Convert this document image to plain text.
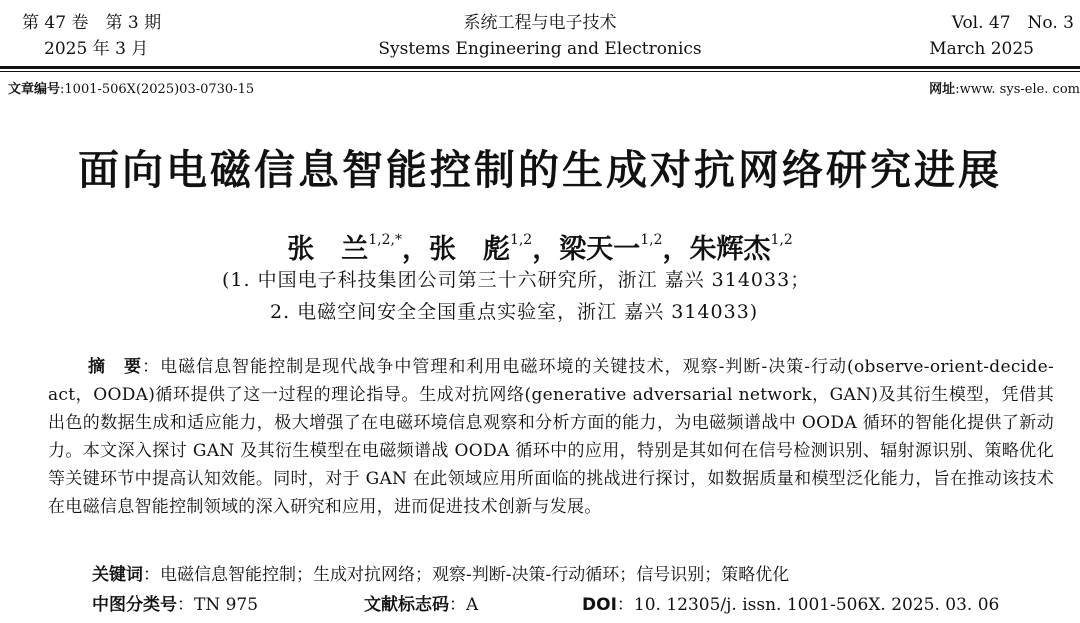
第 47 卷　第 3 期
2025 年 3 月
系统工程与电子技术
Systems Engineering and Electronics
Vol. 47　No. 3
March 2025
文章编号:1001-506X(2025)03-0730-15	网址:www. sys-ele. com
面向电磁信息智能控制的生成对抗网络研究进展
张　兰$^{1,2,*}$，张　彪$^{1,2}$，梁天一$^{1,2}$，朱辉杰$^{1,2}$
(1. 中国电子科技集团公司第三十六研究所，浙江 嘉兴 314033；
2. 电磁空间安全全国重点实验室，浙江 嘉兴 314033)
摘　要：电磁信息智能控制是现代战争中管理和利用电磁环境的关键技术，观察-判断-决策-行动(observe-orient-decide-act，OODA)循环提供了这一过程的理论指导。生成对抗网络(generative adversarial network，GAN)及其衍生模型，凭借其出色的数据生成和适应能力，极大增强了在电磁环境信息观察和分析方面的能力，为电磁频谱战中 OODA 循环的智能化提供了新动力。本文深入探讨 GAN 及其衍生模型在电磁频谱战 OODA 循环中的应用，特别是其如何在信号检测识别、辐射源识别、策略优化等关键环节中提高认知效能。同时，对于 GAN 在此领域应用所面临的挑战进行探讨，如数据质量和模型泛化能力，旨在推动该技术在电磁信息智能控制领域的深入研究和应用，进而促进技术创新与发展。
关键词：电磁信息智能控制；生成对抗网络；观察-判断-决策-行动循环；信号识别；策略优化
中图分类号：TN 975	文献标志码：A	DOI：10. 12305/j. issn. 1001-506X. 2025. 03. 06
